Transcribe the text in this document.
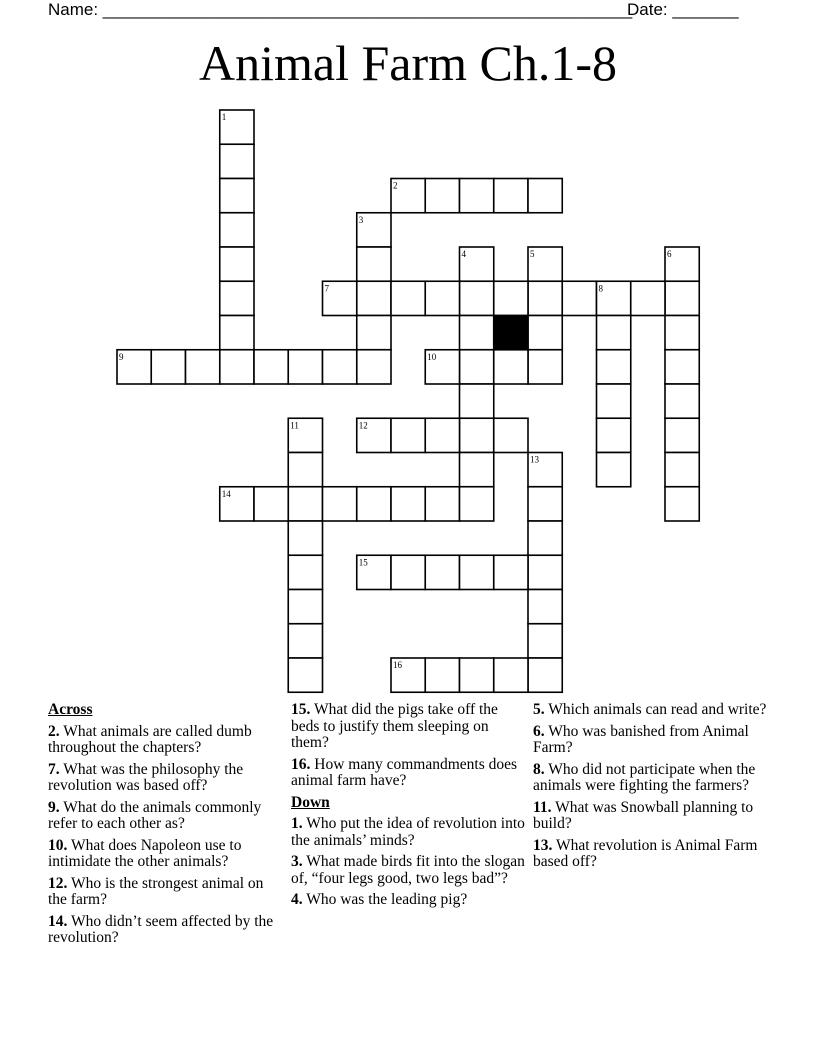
Name: ________________________________________________________
Date: _______
Animal Farm Ch.1-8
1
2
3
4	5	6
7	8
9	10
11	12
13
14
15
16
Across
2. What animals are called dumb throughout the chapters?
7. What was the philosophy the revolution was based off?
9. What do the animals commonly refer to each other as?
10. What does Napoleon use to intimidate the other animals?
12. Who is the strongest animal on the farm?
14. Who didn’t seem affected by the revolution?
15. What did the pigs take off the beds to justify them sleeping on them?
16. How many commandments does animal farm have?
Down
1. Who put the idea of revolution into the animals’ minds?
3. What made birds fit into the slogan of, “four legs good, two legs bad”?
4. Who was the leading pig?
5. Which animals can read and write?
6. Who was banished from Animal Farm?
8. Who did not participate when the animals were fighting the farmers?
11. What was Snowball planning to build?
13. What revolution is Animal Farm based off?
